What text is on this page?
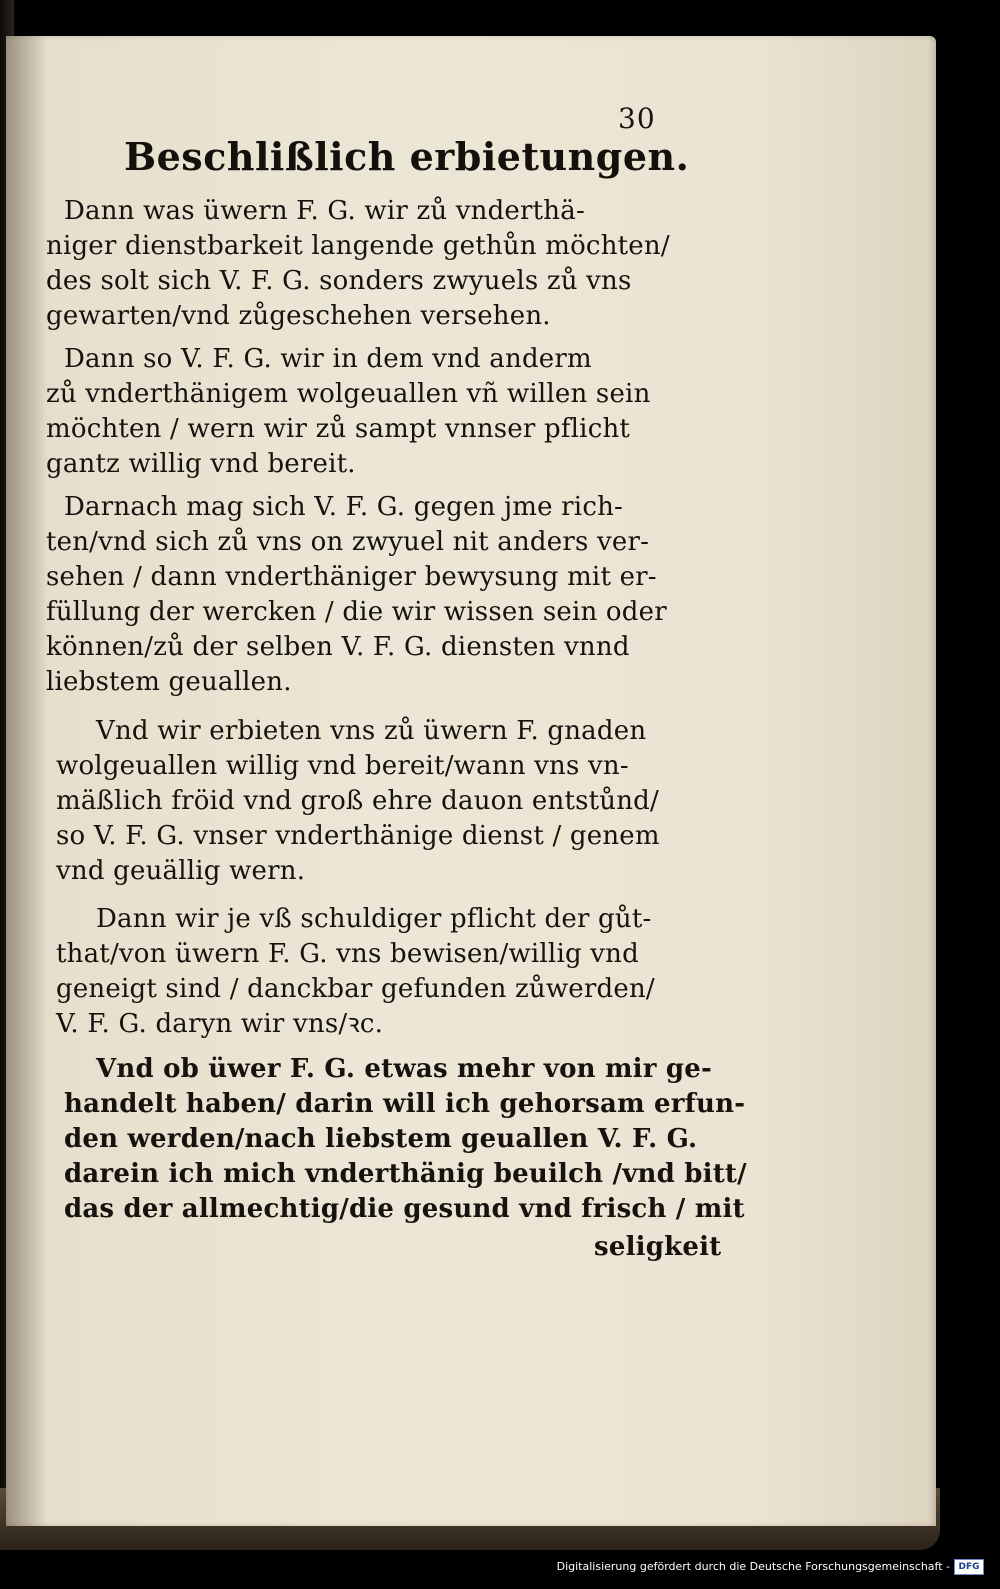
30
Beschlißlich erbietungen.
Dann was üwern F. G. wir zů vnderthä-
niger dienstbarkeit langende gethůn möchten/
des solt sich V. F. G. sonders zwyuels zů vns
gewarten/vnd zůgeschehen versehen.
Dann so V. F. G. wir in dem vnd anderm
zů vnderthänigem wolgeuallen vñ willen sein
möchten / wern wir zů sampt vnnser pflicht
gantz willig vnd bereit.
Darnach mag sich V. F. G. gegen jme rich-
ten/vnd sich zů vns on zwyuel nit anders ver-
sehen / dann vnderthäniger bewysung mit er-
füllung der wercken / die wir wissen sein oder
können/zů der selben V. F. G. diensten vnnd
liebstem geuallen.
Vnd wir erbieten vns zů üwern F. gnaden
wolgeuallen willig vnd bereit/wann vns vn-
mäßlich fröid vnd groß ehre dauon entstůnd/
so V. F. G. vnser vnderthänige dienst / genem
vnd geuällig wern.
Dann wir je vß schuldiger pflicht der gůt-
that/von üwern F. G. vns bewisen/willig vnd
geneigt sind / danckbar gefunden zůwerden/
V. F. G. daryn wir vns/ꝛc.
Vnd ob üwer F. G. etwas mehr von mir ge-
handelt haben/ darin will ich gehorsam erfun-
den werden/nach liebstem geuallen V. F. G.
darein ich mich vnderthänig beuilch /vnd bitt/
das der allmechtig/die gesund vnd frisch / mit
seligkeit
Digitalisierung gefördert durch die Deutsche Forschungsgemeinschaft - DFG
